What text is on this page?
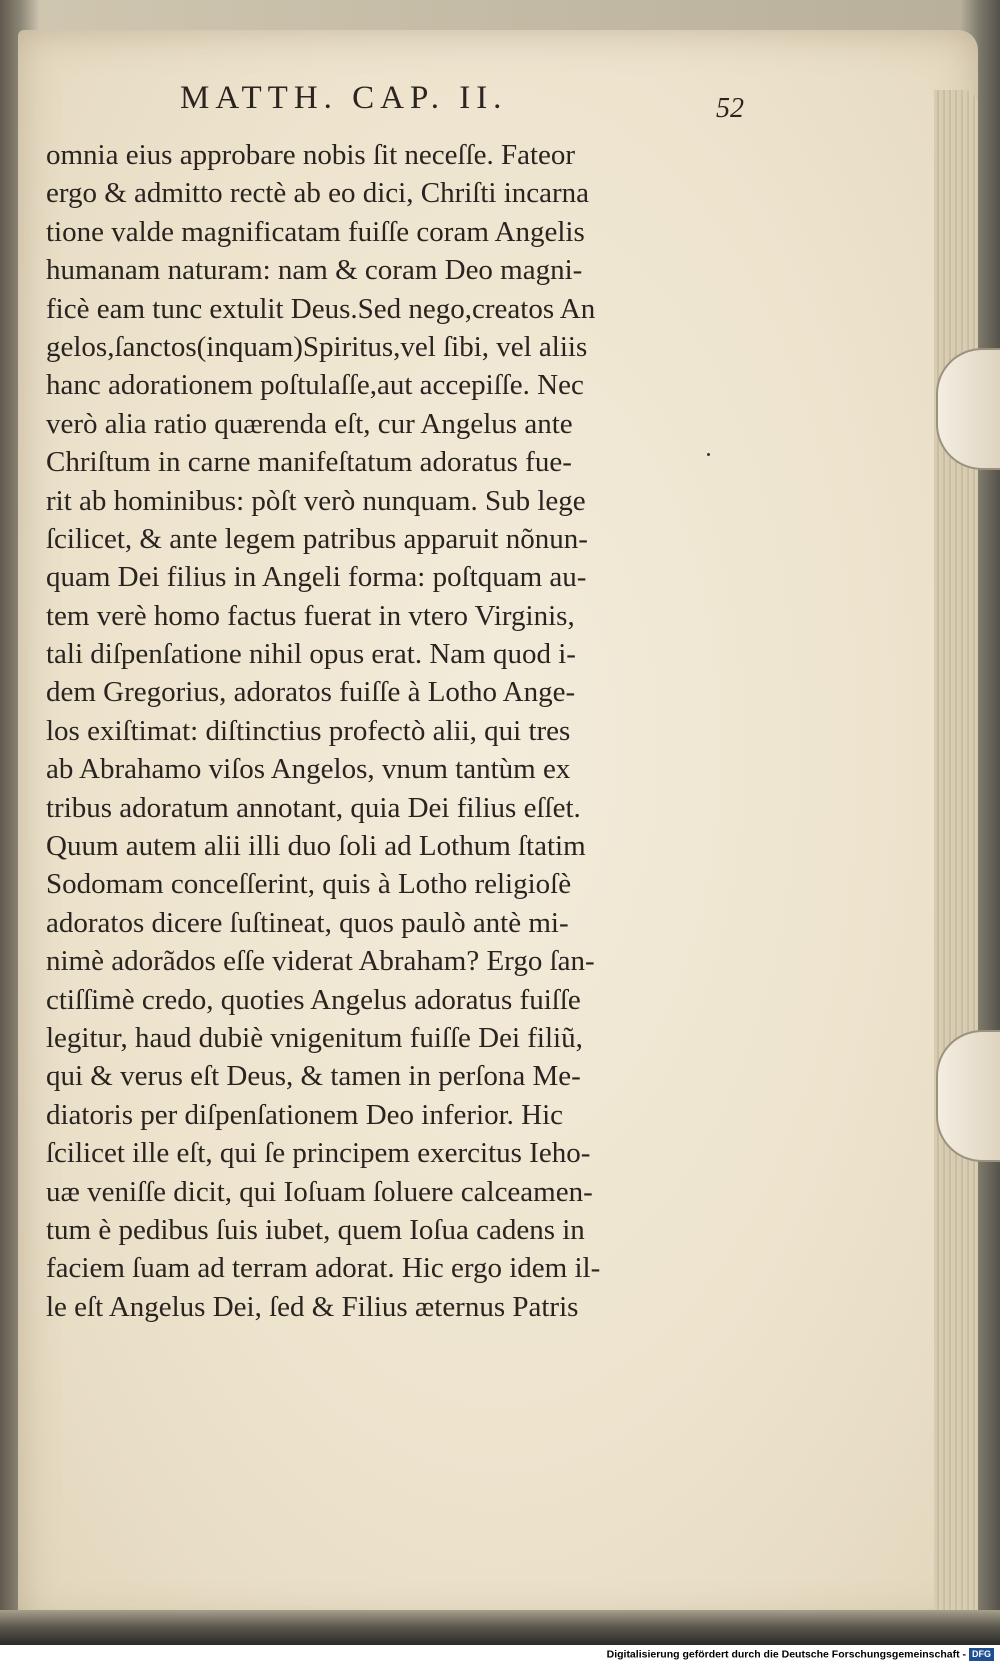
MATTH. CAP. II.	52
omnia eius approbare nobis ſit neceſſe. Fateor
ergo & admitto rectè ab eo dici, Chriſti incarna
tione valde magnificatam fuiſſe coram Angelis
humanam naturam: nam & coram Deo magni-
ficè eam tunc extulit Deus.Sed nego,creatos An
gelos,ſanctos(inquam)Spiritus,vel ſibi, vel aliis
hanc adorationem poſtulaſſe,aut accepiſſe. Nec
verò alia ratio quærenda eſt, cur Angelus ante
Chriſtum in carne manifeſtatum adoratus fue-
rit ab hominibus: pòſt verò nunquam. Sub lege
ſcilicet, & ante legem patribus apparuit nõnun-
quam Dei filius in Angeli forma: poſtquam au-
tem verè homo factus fuerat in vtero Virginis,
tali diſpenſatione nihil opus erat. Nam quod i-
dem Gregorius, adoratos fuiſſe à Lotho Ange-
los exiſtimat: diſtinctius profectò alii, qui tres
ab Abrahamo viſos Angelos, vnum tantùm ex
tribus adoratum annotant, quia Dei filius eſſet.
Quum autem alii illi duo ſoli ad Lothum ſtatim
Sodomam conceſſerint, quis à Lotho religioſè
adoratos dicere ſuſtineat, quos paulò antè mi-
nimè adorãdos eſſe viderat Abraham? Ergo ſan-
ctiſſimè credo, quoties Angelus adoratus fuiſſe
legitur, haud dubiè vnigenitum fuiſſe Dei filiũ,
qui & verus eſt Deus, & tamen in perſona Me-
diatoris per diſpenſationem Deo inferior. Hic
ſcilicet ille eſt, qui ſe principem exercitus Ieho-
uæ veniſſe dicit, qui Ioſuam ſoluere calceamen-
tum è pedibus ſuis iubet, quem Ioſua cadens in
faciem ſuam ad terram adorat. Hic ergo idem il-
le eſt Angelus Dei, ſed & Filius æternus Patris
Digitalisierung gefördert durch die Deutsche Forschungsgemeinschaft - DFG
